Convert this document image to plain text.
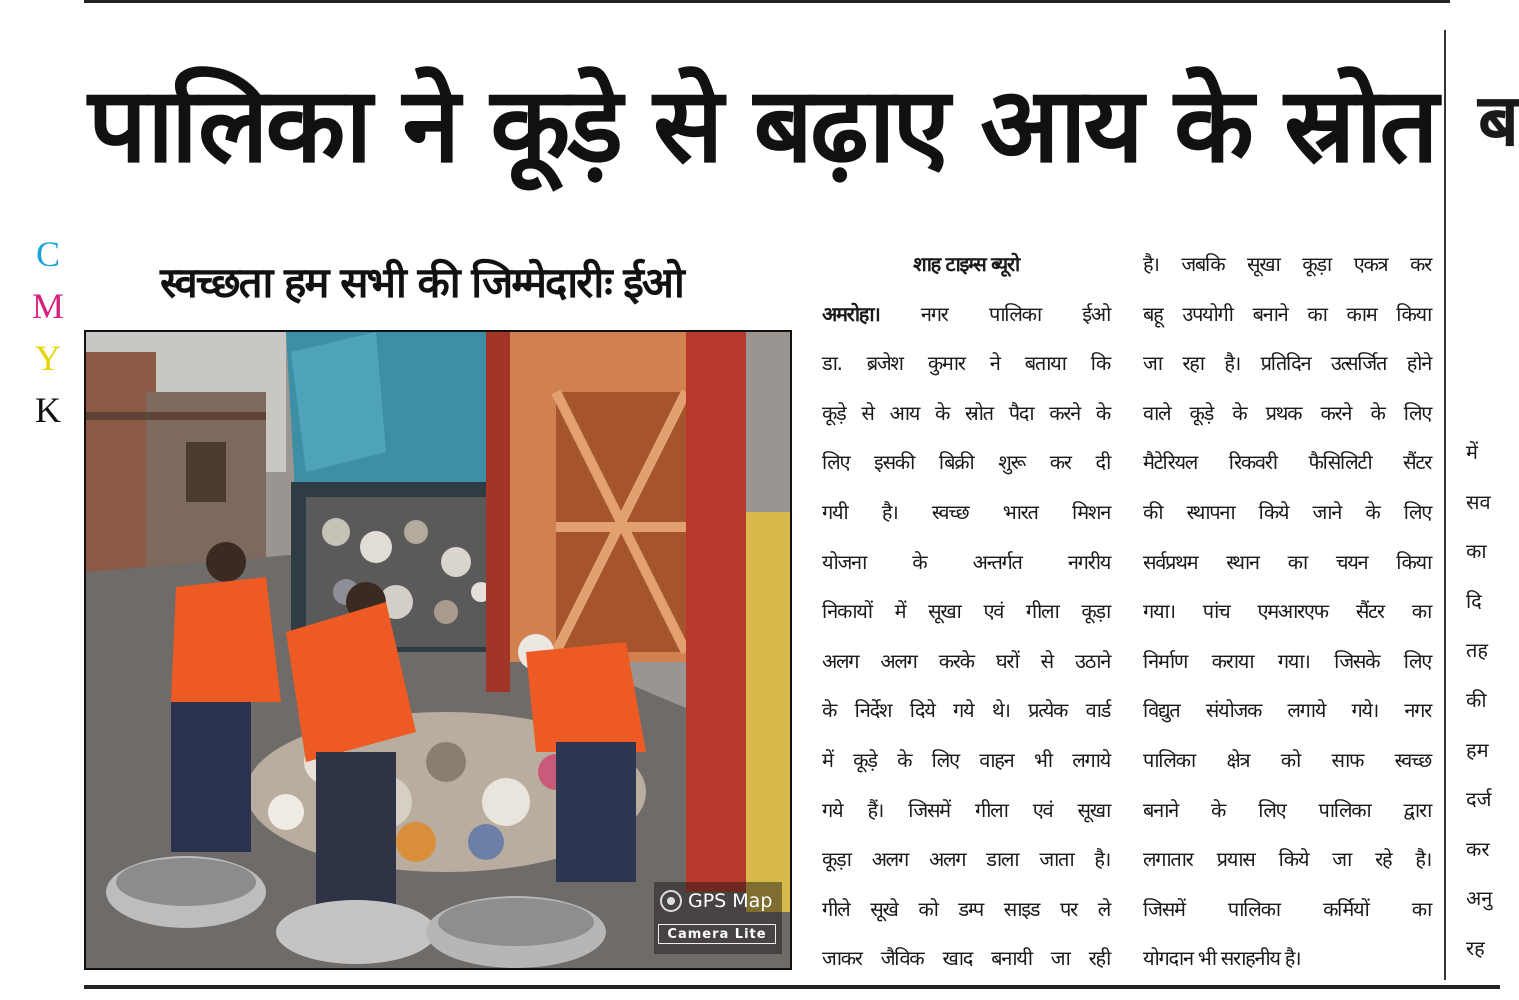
पालिका ने कूड़े से बढ़ाए आय के स्रोत
C
M
Y
K
स्वच्छता हम सभी की जिम्मेदारीः ईओ
GPS Map
Camera Lite
शाह टाइम्स ब्यूरो
अमरोहा। नगर पालिका ईओ
डा. ब्रजेश कुमार ने बताया कि
कूड़े से आय के स्रोत पैदा करने के
लिए इसकी बिक्री शुरू कर दी
गयी है। स्वच्छ भारत मिशन
योजना के अन्तर्गत नगरीय
निकायों में सूखा एवं गीला कूड़ा
अलग अलग करके घरों से उठाने
के निर्देश दिये गये थे। प्रत्येक वार्ड
में कूड़े के लिए वाहन भी लगाये
गये हैं। जिसमें गीला एवं सूखा
कूड़ा अलग अलग डाला जाता है।
गीले सूखे को डम्प साइड पर ले
जाकर जैविक खाद बनायी जा रही
है। जबकि सूखा कूड़ा एकत्र कर
बहू उपयोगी बनाने का काम किया
जा रहा है। प्रतिदिन उत्सर्जित होने
वाले कूड़े के प्रथक करने के लिए
मैटेरियल रिकवरी फैसिलिटी सैंटर
की स्थापना किये जाने के लिए
सर्वप्रथम स्थान का चयन किया
गया। पांच एमआरएफ सैंटर का
निर्माण कराया गया। जिसके लिए
विद्युत संयोजक लगाये गये। नगर
पालिका क्षेत्र को साफ स्वच्छ
बनाने के लिए पालिका द्वारा
लगातार प्रयास किये जा रहे है।
जिसमें पालिका कर्मियों का
योगदान भी सराहनीय है।
ब
में
सव
का
दि
तह
की
हम
दर्ज
कर
अनु
रह
